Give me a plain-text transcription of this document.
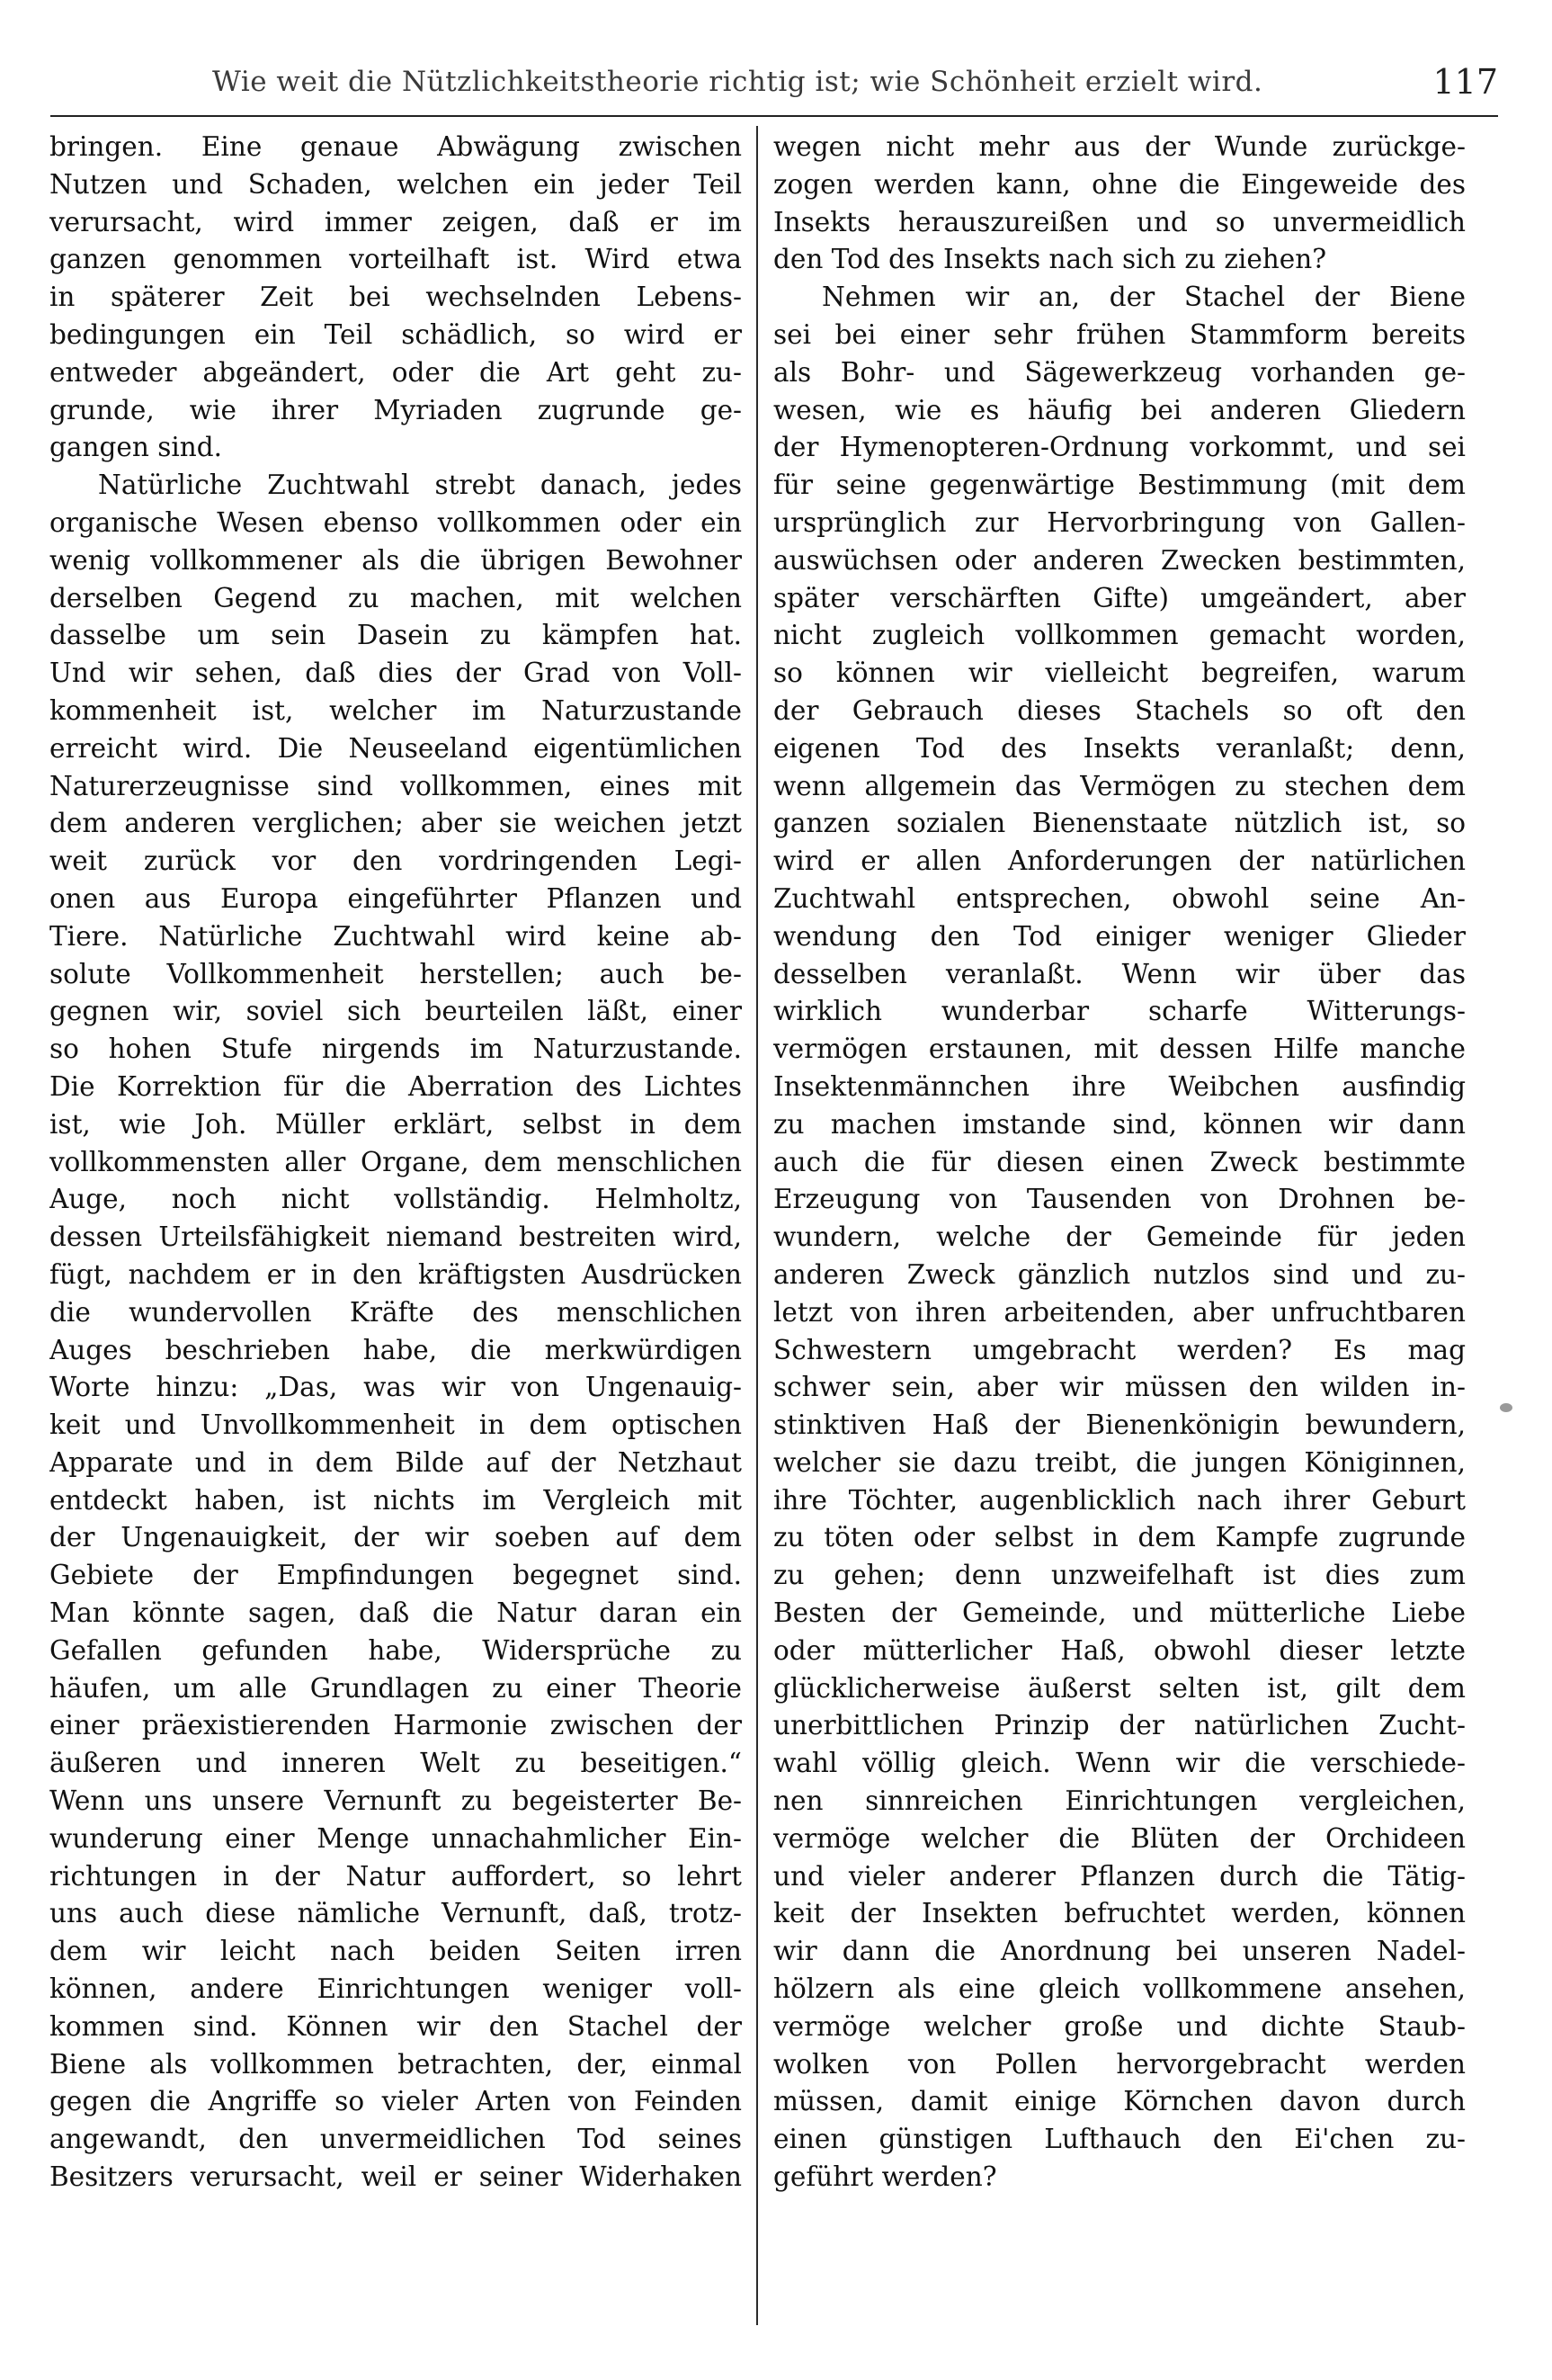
Wie weit die Nützlichkeitstheorie richtig ist; wie Schönheit erzielt wird.	117
bringen. Eine genaue Abwägung zwischen
Nutzen und Schaden, welchen ein jeder Teil
verursacht, wird immer zeigen, daß er im
ganzen genommen vorteilhaft ist. Wird etwa
in späterer Zeit bei wechselnden Lebens-
bedingungen ein Teil schädlich, so wird er
entweder abgeändert, oder die Art geht zu-
grunde, wie ihrer Myriaden zugrunde ge-
gangen sind.
Natürliche Zuchtwahl strebt danach, jedes
organische Wesen ebenso vollkommen oder ein
wenig vollkommener als die übrigen Bewohner
derselben Gegend zu machen, mit welchen
dasselbe um sein Dasein zu kämpfen hat.
Und wir sehen, daß dies der Grad von Voll-
kommenheit ist, welcher im Naturzustande
erreicht wird. Die Neuseeland eigentümlichen
Naturerzeugnisse sind vollkommen, eines mit
dem anderen verglichen; aber sie weichen jetzt
weit zurück vor den vordringenden Legi-
onen aus Europa eingeführter Pflanzen und
Tiere. Natürliche Zuchtwahl wird keine ab-
solute Vollkommenheit herstellen; auch be-
gegnen wir, soviel sich beurteilen läßt, einer
so hohen Stufe nirgends im Naturzustande.
Die Korrektion für die Aberration des Lichtes
ist, wie Joh. Müller erklärt, selbst in dem
vollkommensten aller Organe, dem menschlichen
Auge, noch nicht vollständig. Helmholtz,
dessen Urteilsfähigkeit niemand bestreiten wird,
fügt, nachdem er in den kräftigsten Ausdrücken
die wundervollen Kräfte des menschlichen
Auges beschrieben habe, die merkwürdigen
Worte hinzu: „Das, was wir von Ungenauig-
keit und Unvollkommenheit in dem optischen
Apparate und in dem Bilde auf der Netzhaut
entdeckt haben, ist nichts im Vergleich mit
der Ungenauigkeit, der wir soeben auf dem
Gebiete der Empfindungen begegnet sind.
Man könnte sagen, daß die Natur daran ein
Gefallen gefunden habe, Widersprüche zu
häufen, um alle Grundlagen zu einer Theorie
einer präexistierenden Harmonie zwischen der
äußeren und inneren Welt zu beseitigen.“
Wenn uns unsere Vernunft zu begeisterter Be-
wunderung einer Menge unnachahmlicher Ein-
richtungen in der Natur auffordert, so lehrt
uns auch diese nämliche Vernunft, daß, trotz-
dem wir leicht nach beiden Seiten irren
können, andere Einrichtungen weniger voll-
kommen sind. Können wir den Stachel der
Biene als vollkommen betrachten, der, einmal
gegen die Angriffe so vieler Arten von Feinden
angewandt, den unvermeidlichen Tod seines
Besitzers verursacht, weil er seiner Widerhaken
wegen nicht mehr aus der Wunde zurückge-
zogen werden kann, ohne die Eingeweide des
Insekts herauszureißen und so unvermeidlich
den Tod des Insekts nach sich zu ziehen?
Nehmen wir an, der Stachel der Biene
sei bei einer sehr frühen Stammform bereits
als Bohr- und Sägewerkzeug vorhanden ge-
wesen, wie es häufig bei anderen Gliedern
der Hymenopteren-Ordnung vorkommt, und sei
für seine gegenwärtige Bestimmung (mit dem
ursprünglich zur Hervorbringung von Gallen-
auswüchsen oder anderen Zwecken bestimmten,
später verschärften Gifte) umgeändert, aber
nicht zugleich vollkommen gemacht worden,
so können wir vielleicht begreifen, warum
der Gebrauch dieses Stachels so oft den
eigenen Tod des Insekts veranlaßt; denn,
wenn allgemein das Vermögen zu stechen dem
ganzen sozialen Bienenstaate nützlich ist, so
wird er allen Anforderungen der natürlichen
Zuchtwahl entsprechen, obwohl seine An-
wendung den Tod einiger weniger Glieder
desselben veranlaßt. Wenn wir über das
wirklich wunderbar scharfe Witterungs-
vermögen erstaunen, mit dessen Hilfe manche
Insektenmännchen ihre Weibchen ausfindig
zu machen imstande sind, können wir dann
auch die für diesen einen Zweck bestimmte
Erzeugung von Tausenden von Drohnen be-
wundern, welche der Gemeinde für jeden
anderen Zweck gänzlich nutzlos sind und zu-
letzt von ihren arbeitenden, aber unfruchtbaren
Schwestern umgebracht werden? Es mag
schwer sein, aber wir müssen den wilden in-
stinktiven Haß der Bienenkönigin bewundern,
welcher sie dazu treibt, die jungen Königinnen,
ihre Töchter, augenblicklich nach ihrer Geburt
zu töten oder selbst in dem Kampfe zugrunde
zu gehen; denn unzweifelhaft ist dies zum
Besten der Gemeinde, und mütterliche Liebe
oder mütterlicher Haß, obwohl dieser letzte
glücklicherweise äußerst selten ist, gilt dem
unerbittlichen Prinzip der natürlichen Zucht-
wahl völlig gleich. Wenn wir die verschiede-
nen sinnreichen Einrichtungen vergleichen,
vermöge welcher die Blüten der Orchideen
und vieler anderer Pflanzen durch die Tätig-
keit der Insekten befruchtet werden, können
wir dann die Anordnung bei unseren Nadel-
hölzern als eine gleich vollkommene ansehen,
vermöge welcher große und dichte Staub-
wolken von Pollen hervorgebracht werden
müssen, damit einige Körnchen davon durch
einen günstigen Lufthauch den Ei'chen zu-
geführt werden?
